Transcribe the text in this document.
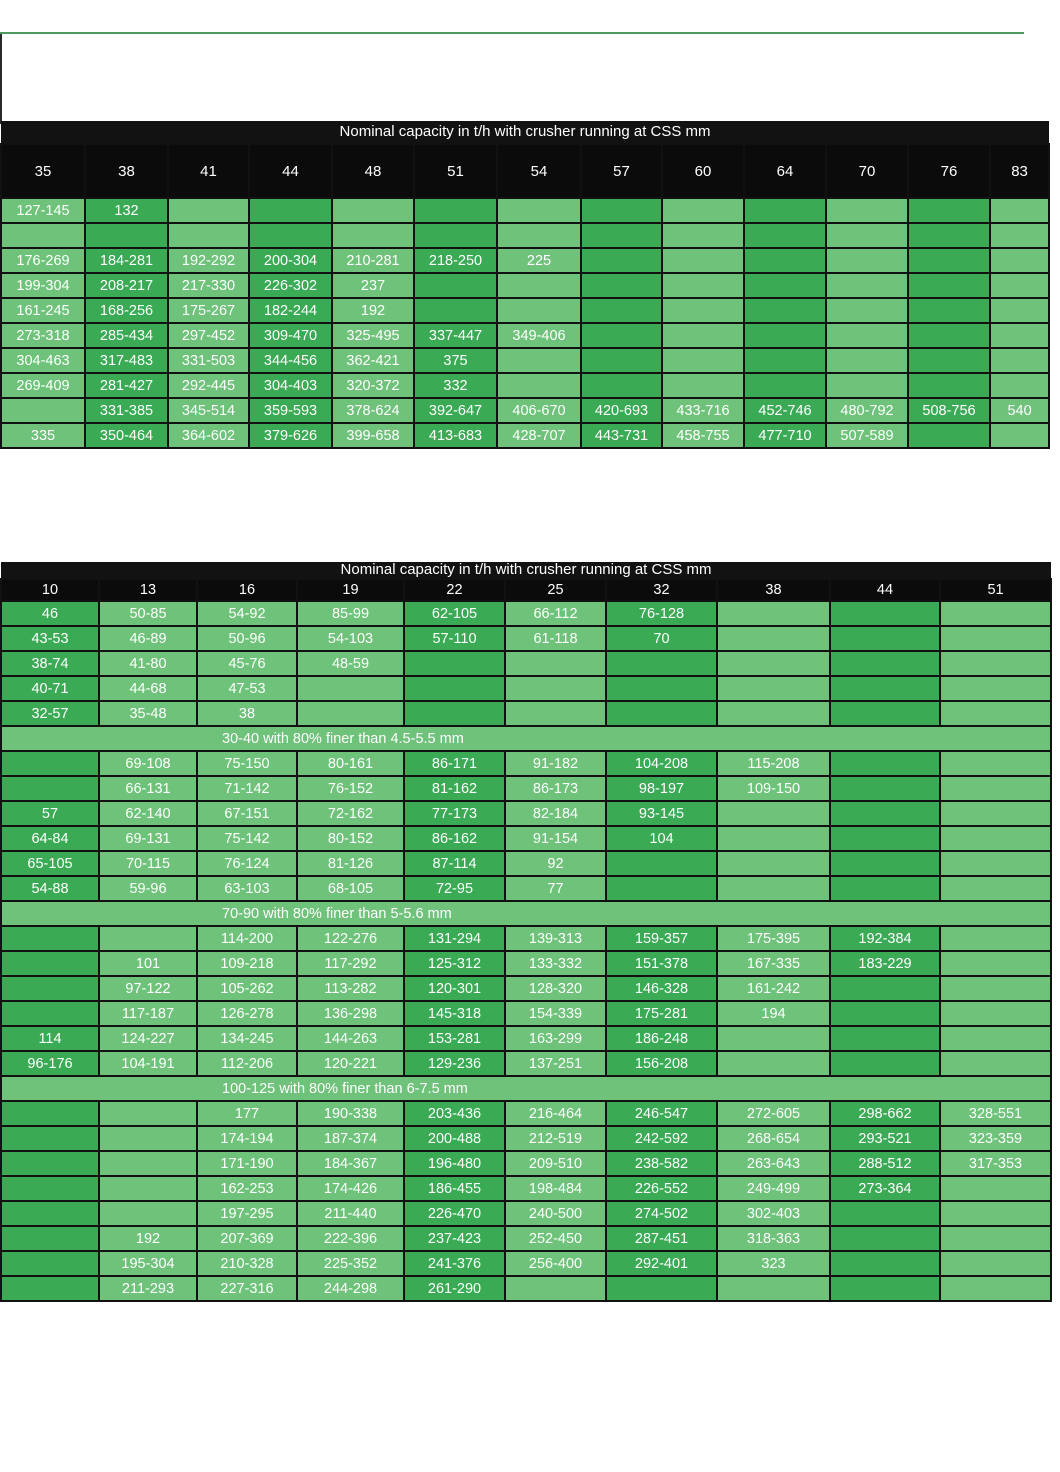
Nominal capacity in t/h with crusher running at CSS mm												
35	38	41	44	48	51	54	57	60	64	70	76	83
127-145	132											

176-269	184-281	192-292	200-304	210-281	218-250	225						
199-304	208-217	217-330	226-302	237								
161-245	168-256	175-267	182-244	192								
273-318	285-434	297-452	309-470	325-495	337-447	349-406						
304-463	317-483	331-503	344-456	362-421	375							
269-409	281-427	292-445	304-403	320-372	332							
	331-385	345-514	359-593	378-624	392-647	406-670	420-693	433-716	452-746	480-792	508-756	540
335	350-464	364-602	379-626	399-658	413-683	428-707	443-731	458-755	477-710	507-589		
Nominal capacity in t/h with crusher running at CSS mm									
10	13	16	19	22	25	32	38	44	51
46	50-85	54-92	85-99	62-105	66-112	76-128			
43-53	46-89	50-96	54-103	57-110	61-118	70			
38-74	41-80	45-76	48-59						
40-71	44-68	47-53							
32-57	35-48	38							
30-40 with 80% finer than 4.5-5.5 mm									
	69-108	75-150	80-161	86-171	91-182	104-208	115-208		
	66-131	71-142	76-152	81-162	86-173	98-197	109-150		
57	62-140	67-151	72-162	77-173	82-184	93-145			
64-84	69-131	75-142	80-152	86-162	91-154	104			
65-105	70-115	76-124	81-126	87-114	92				
54-88	59-96	63-103	68-105	72-95	77				
70-90 with 80% finer than 5-5.6 mm									
		114-200	122-276	131-294	139-313	159-357	175-395	192-384	
	101	109-218	117-292	125-312	133-332	151-378	167-335	183-229	
	97-122	105-262	113-282	120-301	128-320	146-328	161-242		
	117-187	126-278	136-298	145-318	154-339	175-281	194		
114	124-227	134-245	144-263	153-281	163-299	186-248			
96-176	104-191	112-206	120-221	129-236	137-251	156-208			
100-125 with 80% finer than 6-7.5 mm									
		177	190-338	203-436	216-464	246-547	272-605	298-662	328-551
		174-194	187-374	200-488	212-519	242-592	268-654	293-521	323-359
		171-190	184-367	196-480	209-510	238-582	263-643	288-512	317-353
		162-253	174-426	186-455	198-484	226-552	249-499	273-364	
		197-295	211-440	226-470	240-500	274-502	302-403		
	192	207-369	222-396	237-423	252-450	287-451	318-363		
	195-304	210-328	225-352	241-376	256-400	292-401	323		
	211-293	227-316	244-298	261-290					
